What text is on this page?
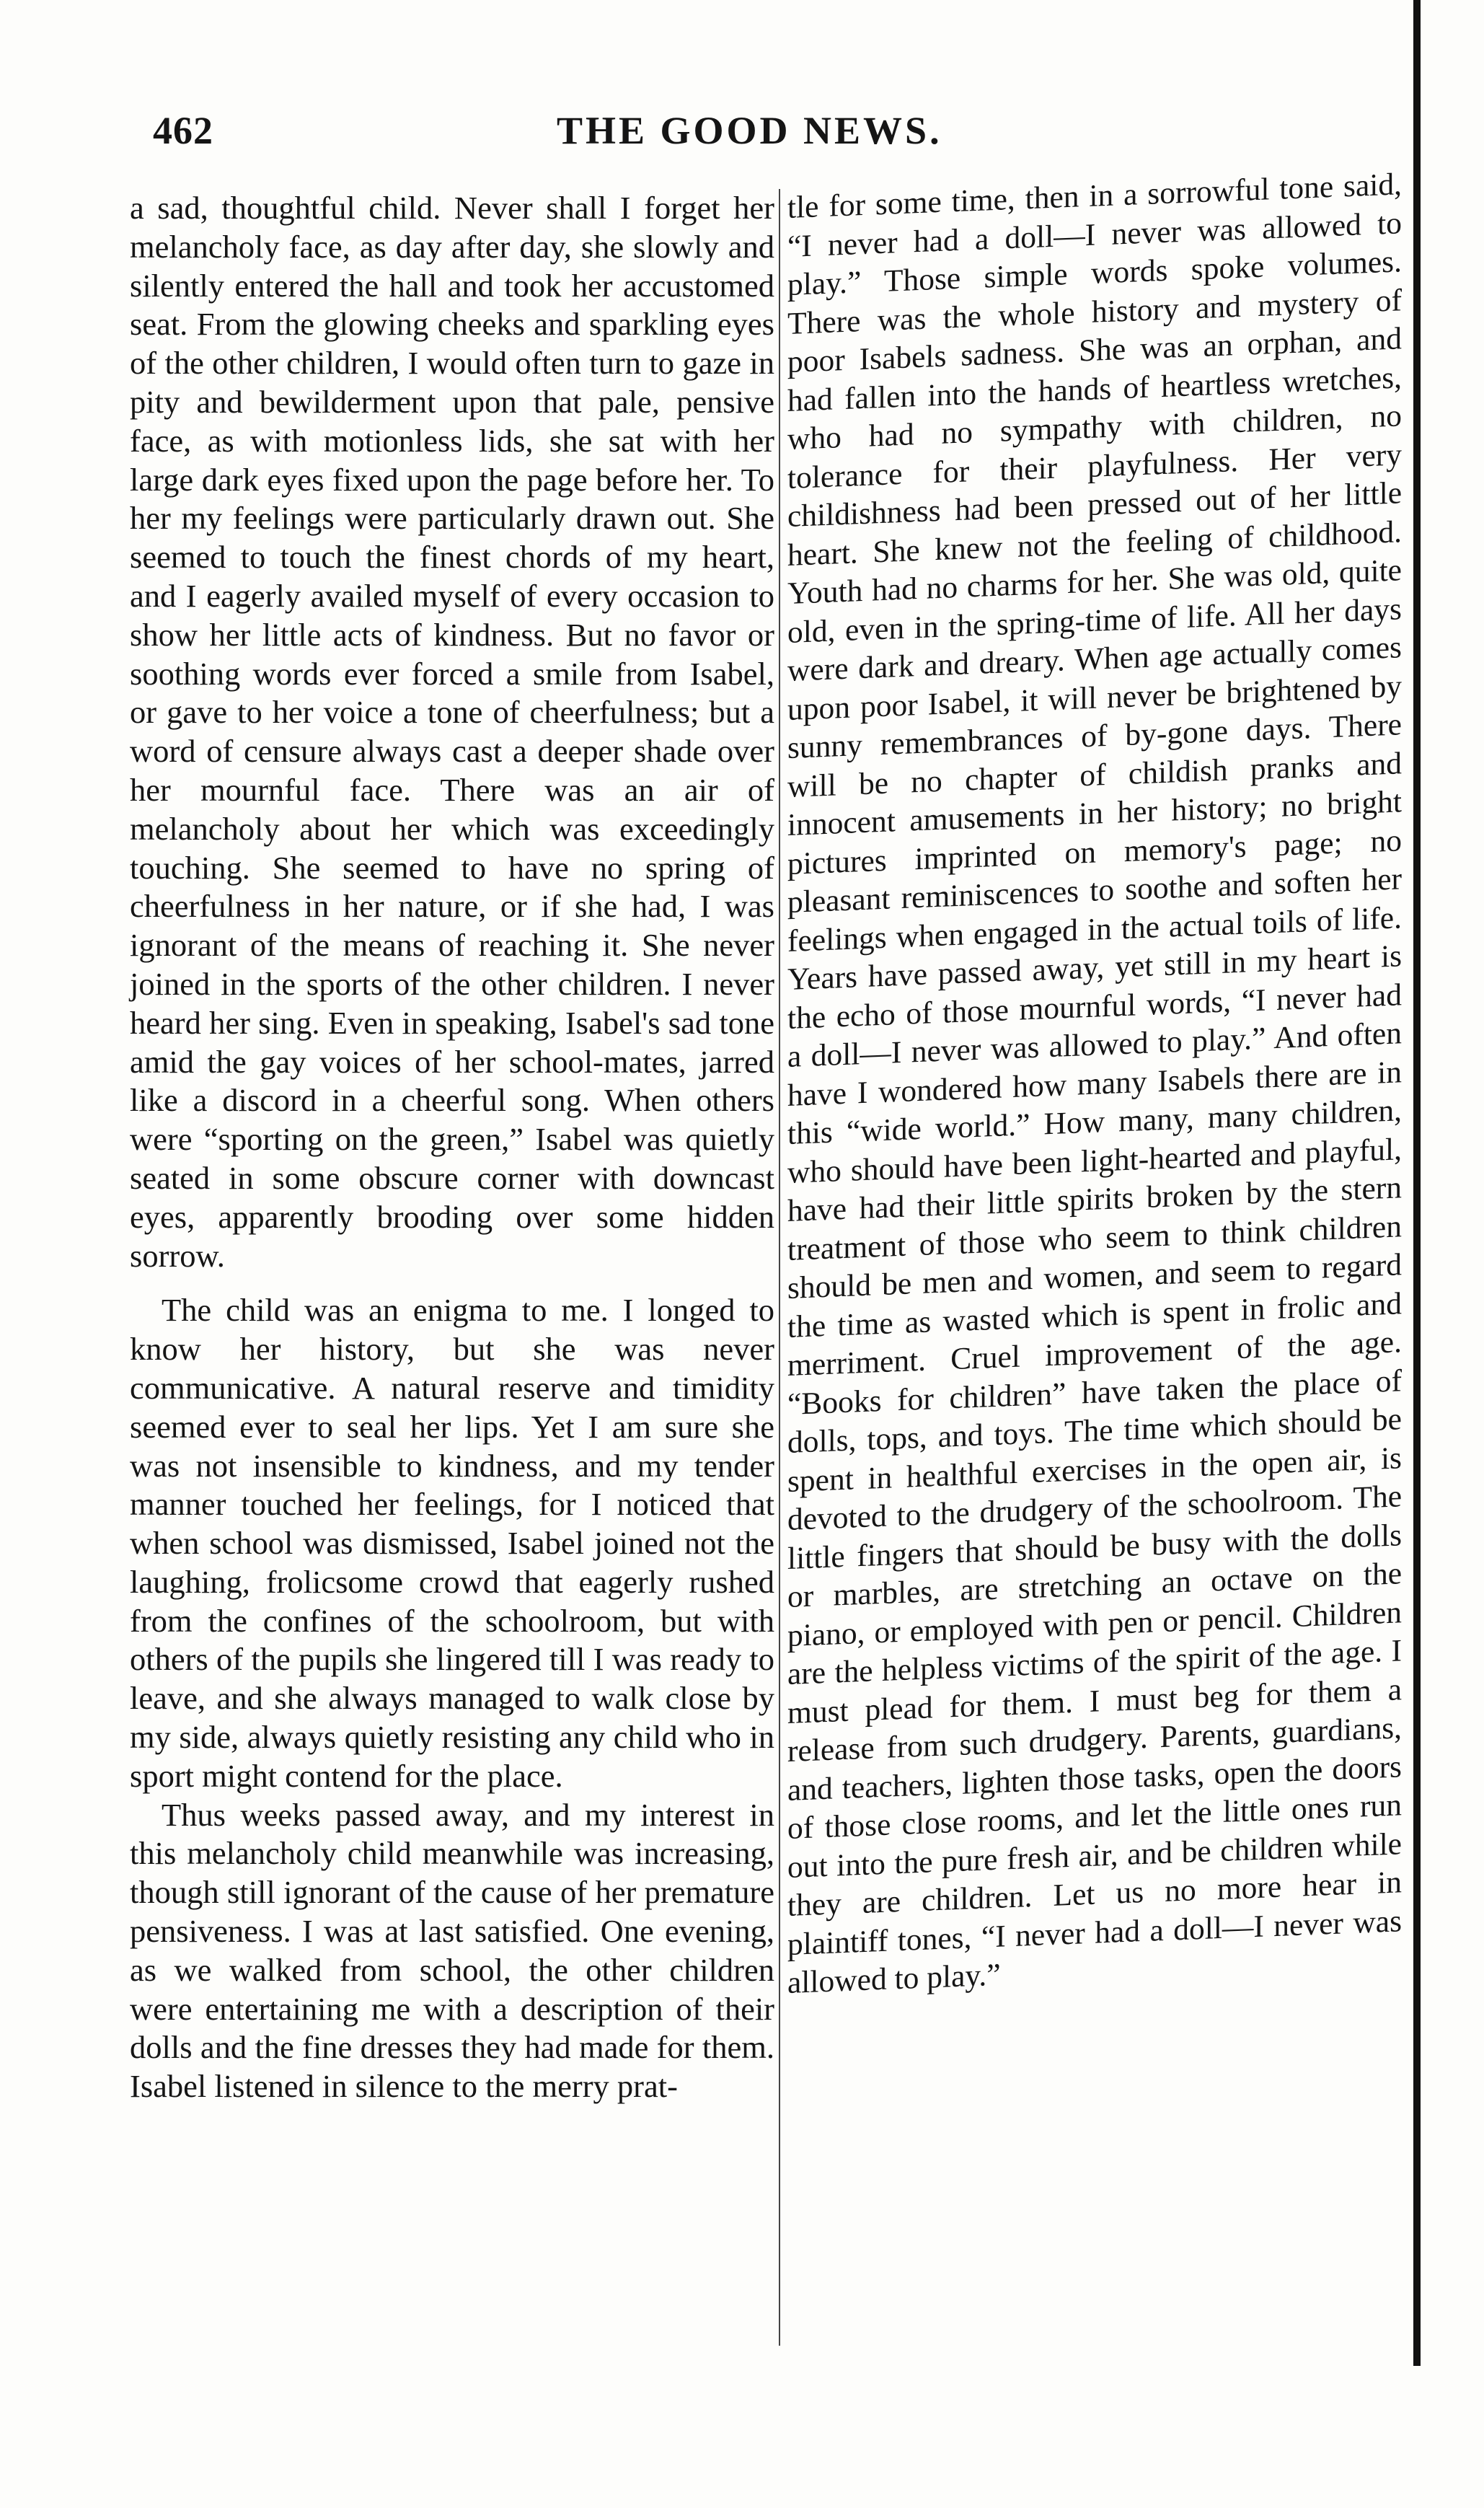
462	THE GOOD NEWS.

a sad, thoughtful child. Never shall I forget her melancholy face, as day after day, she slowly and silently entered the hall and took her accustomed seat. From the glowing cheeks and sparkling eyes of the other children, I would often turn to gaze in pity and bewilderment upon that pale, pensive face, as with motionless lids, she sat with her large dark eyes fixed upon the page before her. To her my feelings were particularly drawn out. She seemed to touch the finest chords of my heart, and I eagerly availed myself of every occasion to show her little acts of kindness. But no favor or soothing words ever forced a smile from Isabel, or gave to her voice a tone of cheerfulness; but a word of censure always cast a deeper shade over her mournful face. There was an air of melancholy about her which was exceedingly touching. She seemed to have no spring of cheerfulness in her nature, or if she had, I was ignorant of the means of reaching it. She never joined in the sports of the other children. I never heard her sing. Even in speaking, Isabel's sad tone amid the gay voices of her school-mates, jarred like a discord in a cheerful song. When others were “sporting on the green,” Isabel was quietly seated in some obscure corner with downcast eyes, apparently brooding over some hidden sorrow.

The child was an enigma to me. I longed to know her history, but she was never communicative. A natural reserve and timidity seemed ever to seal her lips. Yet I am sure she was not insensible to kindness, and my tender manner touched her feelings, for I noticed that when school was dismissed, Isabel joined not the laughing, frolicsome crowd that eagerly rushed from the confines of the schoolroom, but with others of the pupils she lingered till I was ready to leave, and she always managed to walk close by my side, always quietly resisting any child who in sport might contend for the place.

Thus weeks passed away, and my interest in this melancholy child meanwhile was increasing, though still ignorant of the cause of her premature pensiveness. I was at last satisfied. One evening, as we walked from school, the other children were entertaining me with a description of their dolls and the fine dresses they had made for them. Isabel listened in silence to the merry prat-

tle for some time, then in a sorrowful tone said, “I never had a doll—I never was allowed to play.” Those simple words spoke volumes. There was the whole history and mystery of poor Isabels sadness. She was an orphan, and had fallen into the hands of heartless wretches, who had no sympathy with children, no tolerance for their playfulness. Her very childishness had been pressed out of her little heart. She knew not the feeling of childhood. Youth had no charms for her. She was old, quite old, even in the spring-time of life. All her days were dark and dreary. When age actually comes upon poor Isabel, it will never be brightened by sunny remembrances of by-gone days. There will be no chapter of childish pranks and innocent amusements in her history; no bright pictures imprinted on memory's page; no pleasant reminiscences to soothe and soften her feelings when engaged in the actual toils of life. Years have passed away, yet still in my heart is the echo of those mournful words, “I never had a doll—I never was allowed to play.” And often have I wondered how many Isabels there are in this “wide world.” How many, many children, who should have been light-hearted and playful, have had their little spirits broken by the stern treatment of those who seem to think children should be men and women, and seem to regard the time as wasted which is spent in frolic and merriment. Cruel improvement of the age. “Books for children” have taken the place of dolls, tops, and toys. The time which should be spent in healthful exercises in the open air, is devoted to the drudgery of the schoolroom. The little fingers that should be busy with the dolls or marbles, are stretching an octave on the piano, or employed with pen or pencil. Children are the helpless victims of the spirit of the age. I must plead for them. I must beg for them a release from such drudgery. Parents, guardians, and teachers, lighten those tasks, open the doors of those close rooms, and let the little ones run out into the pure fresh air, and be children while they are children. Let us no more hear in plaintiff tones, “I never had a doll—I never was allowed to play.”
